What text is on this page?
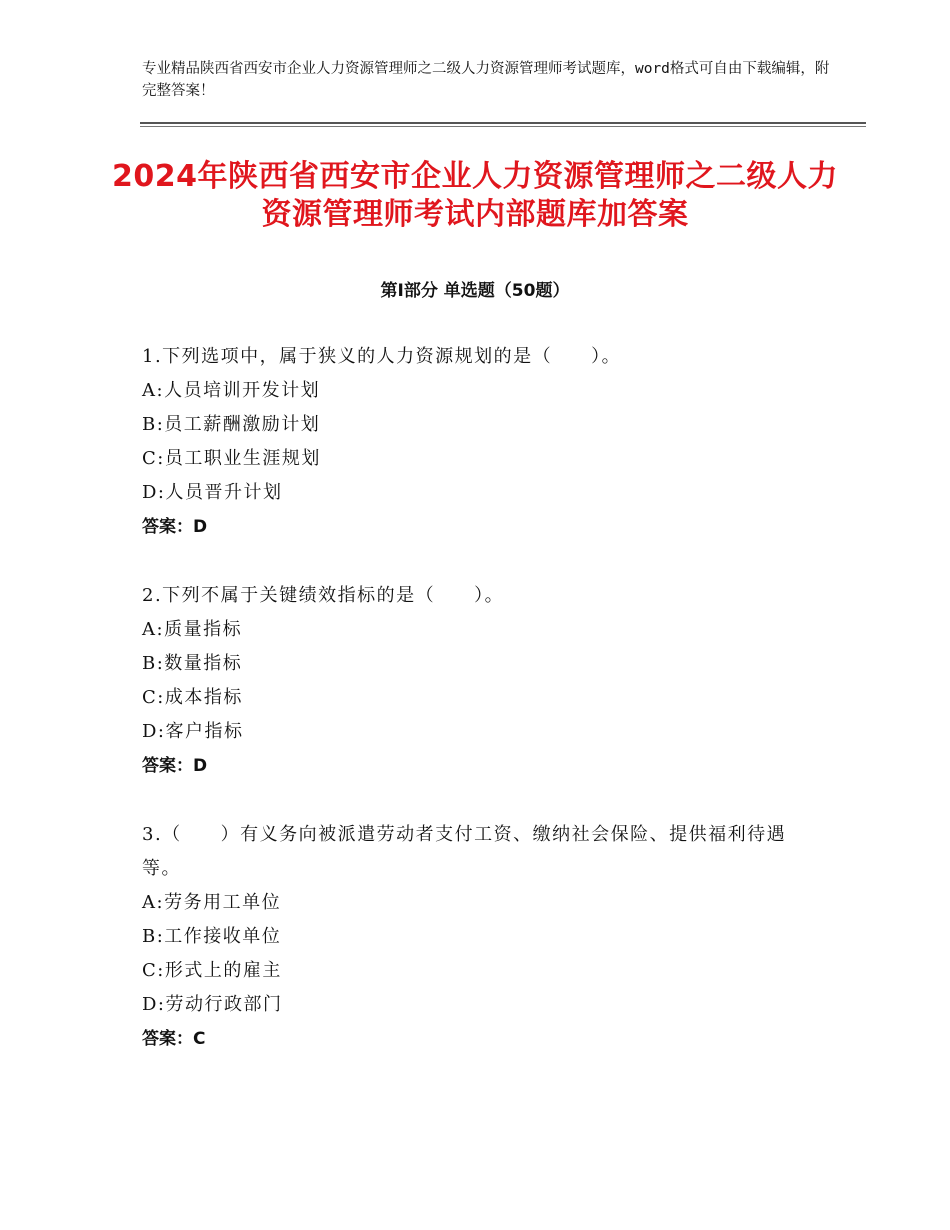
专业精品陕西省西安市企业人力资源管理师之二级人力资源管理师考试题库，word格式可自由下载编辑，附完整答案！
2024年陕西省西安市企业人力资源管理师之二级人力资源管理师考试内部题库加答案
第Ⅰ部分 单选题（50题）
1.下列选项中，属于狭义的人力资源规划的是（　　）。
A:人员培训开发计划
B:员工薪酬激励计划
C:员工职业生涯规划
D:人员晋升计划
答案：D
2.下列不属于关键绩效指标的是（　　）。
A:质量指标
B:数量指标
C:成本指标
D:客户指标
答案：D
3.（　　）有义务向被派遣劳动者支付工资、缴纳社会保险、提供福利待遇等。
A:劳务用工单位
B:工作接收单位
C:形式上的雇主
D:劳动行政部门
答案：C
